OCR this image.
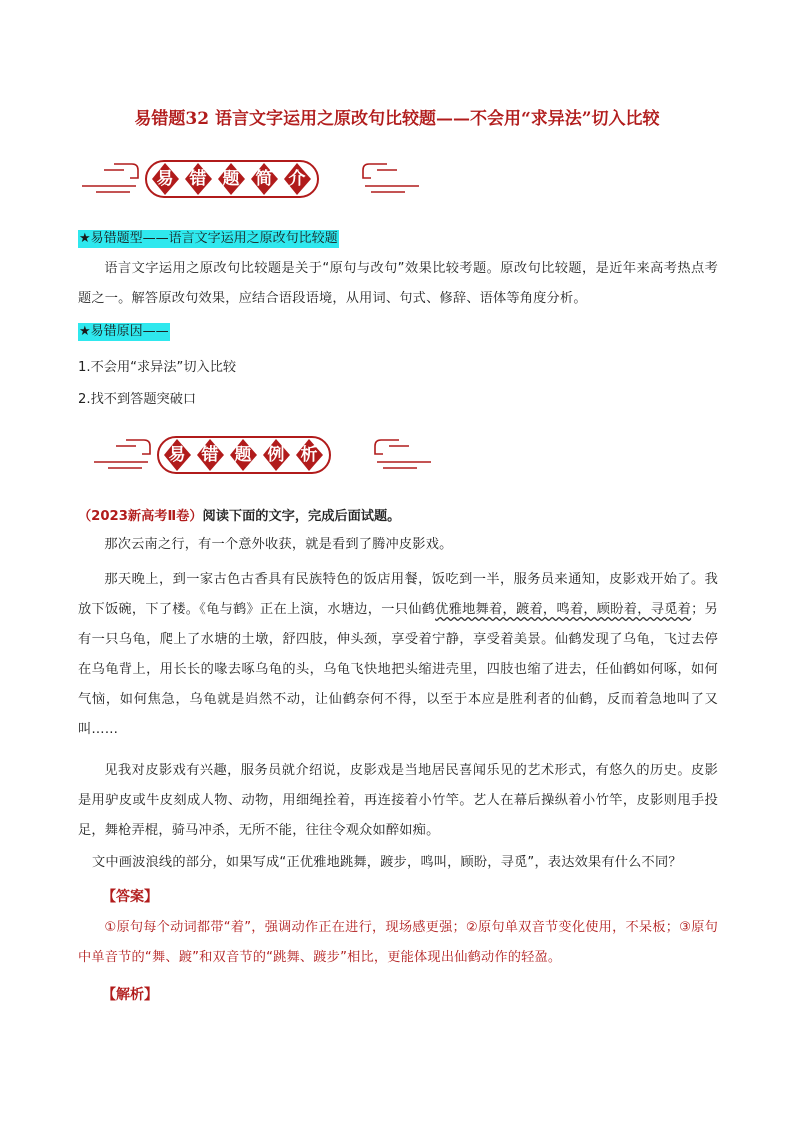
易错题32 语言文字运用之原改句比较题——不会用“求异法”切入比较
易 错 题 简 介
★易错题型——语言文字运用之原改句比较题

语言文字运用之原改句比较题是关于“原句与改句”效果比较考题。原改句比较题，是近年来高考热点考题之一。解答原改句效果，应结合语段语境，从用词、句式、修辞、语体等角度分析。

★易错原因——
1.不会用“求异法”切入比较
2.找不到答题突破口
易 错 题 例 析
（2023新高考Ⅱ卷）阅读下面的文字，完成后面试题。

那次云南之行，有一个意外收获，就是看到了腾冲皮影戏。

那天晚上，到一家古色古香具有民族特色的饭店用餐，饭吃到一半，服务员来通知，皮影戏开始了。我放下饭碗，下了楼。《龟与鹤》正在上演，水塘边，一只仙鹤优雅地舞着，踱着，鸣着，顾盼着，寻觅着；另有一只乌龟，爬上了水塘的土墩，舒四肢，伸头颈，享受着宁静，享受着美景。仙鹤发现了乌龟，飞过去停在乌龟背上，用长长的喙去啄乌龟的头，乌龟飞快地把头缩进壳里，四肢也缩了进去，任仙鹤如何啄，如何气恼，如何焦急，乌龟就是岿然不动，让仙鹤奈何不得，以至于本应是胜利者的仙鹤，反而着急地叫了又叫……

见我对皮影戏有兴趣，服务员就介绍说，皮影戏是当地居民喜闻乐见的艺术形式，有悠久的历史。皮影是用驴皮或牛皮刻成人物、动物，用细绳拴着，再连接着小竹竿。艺人在幕后操纵着小竹竿，皮影则甩手投足，舞枪弄棍，骑马冲杀，无所不能，往往令观众如醉如痴。

文中画波浪线的部分，如果写成“正优雅地跳舞，踱步，鸣叫，顾盼，寻觅”，表达效果有什么不同？

【答案】

①原句每个动词都带“着”，强调动作正在进行，现场感更强；②原句单双音节变化使用，不呆板；③原句中单音节的“舞、踱”和双音节的“跳舞、踱步”相比，更能体现出仙鹤动作的轻盈。

【解析】
